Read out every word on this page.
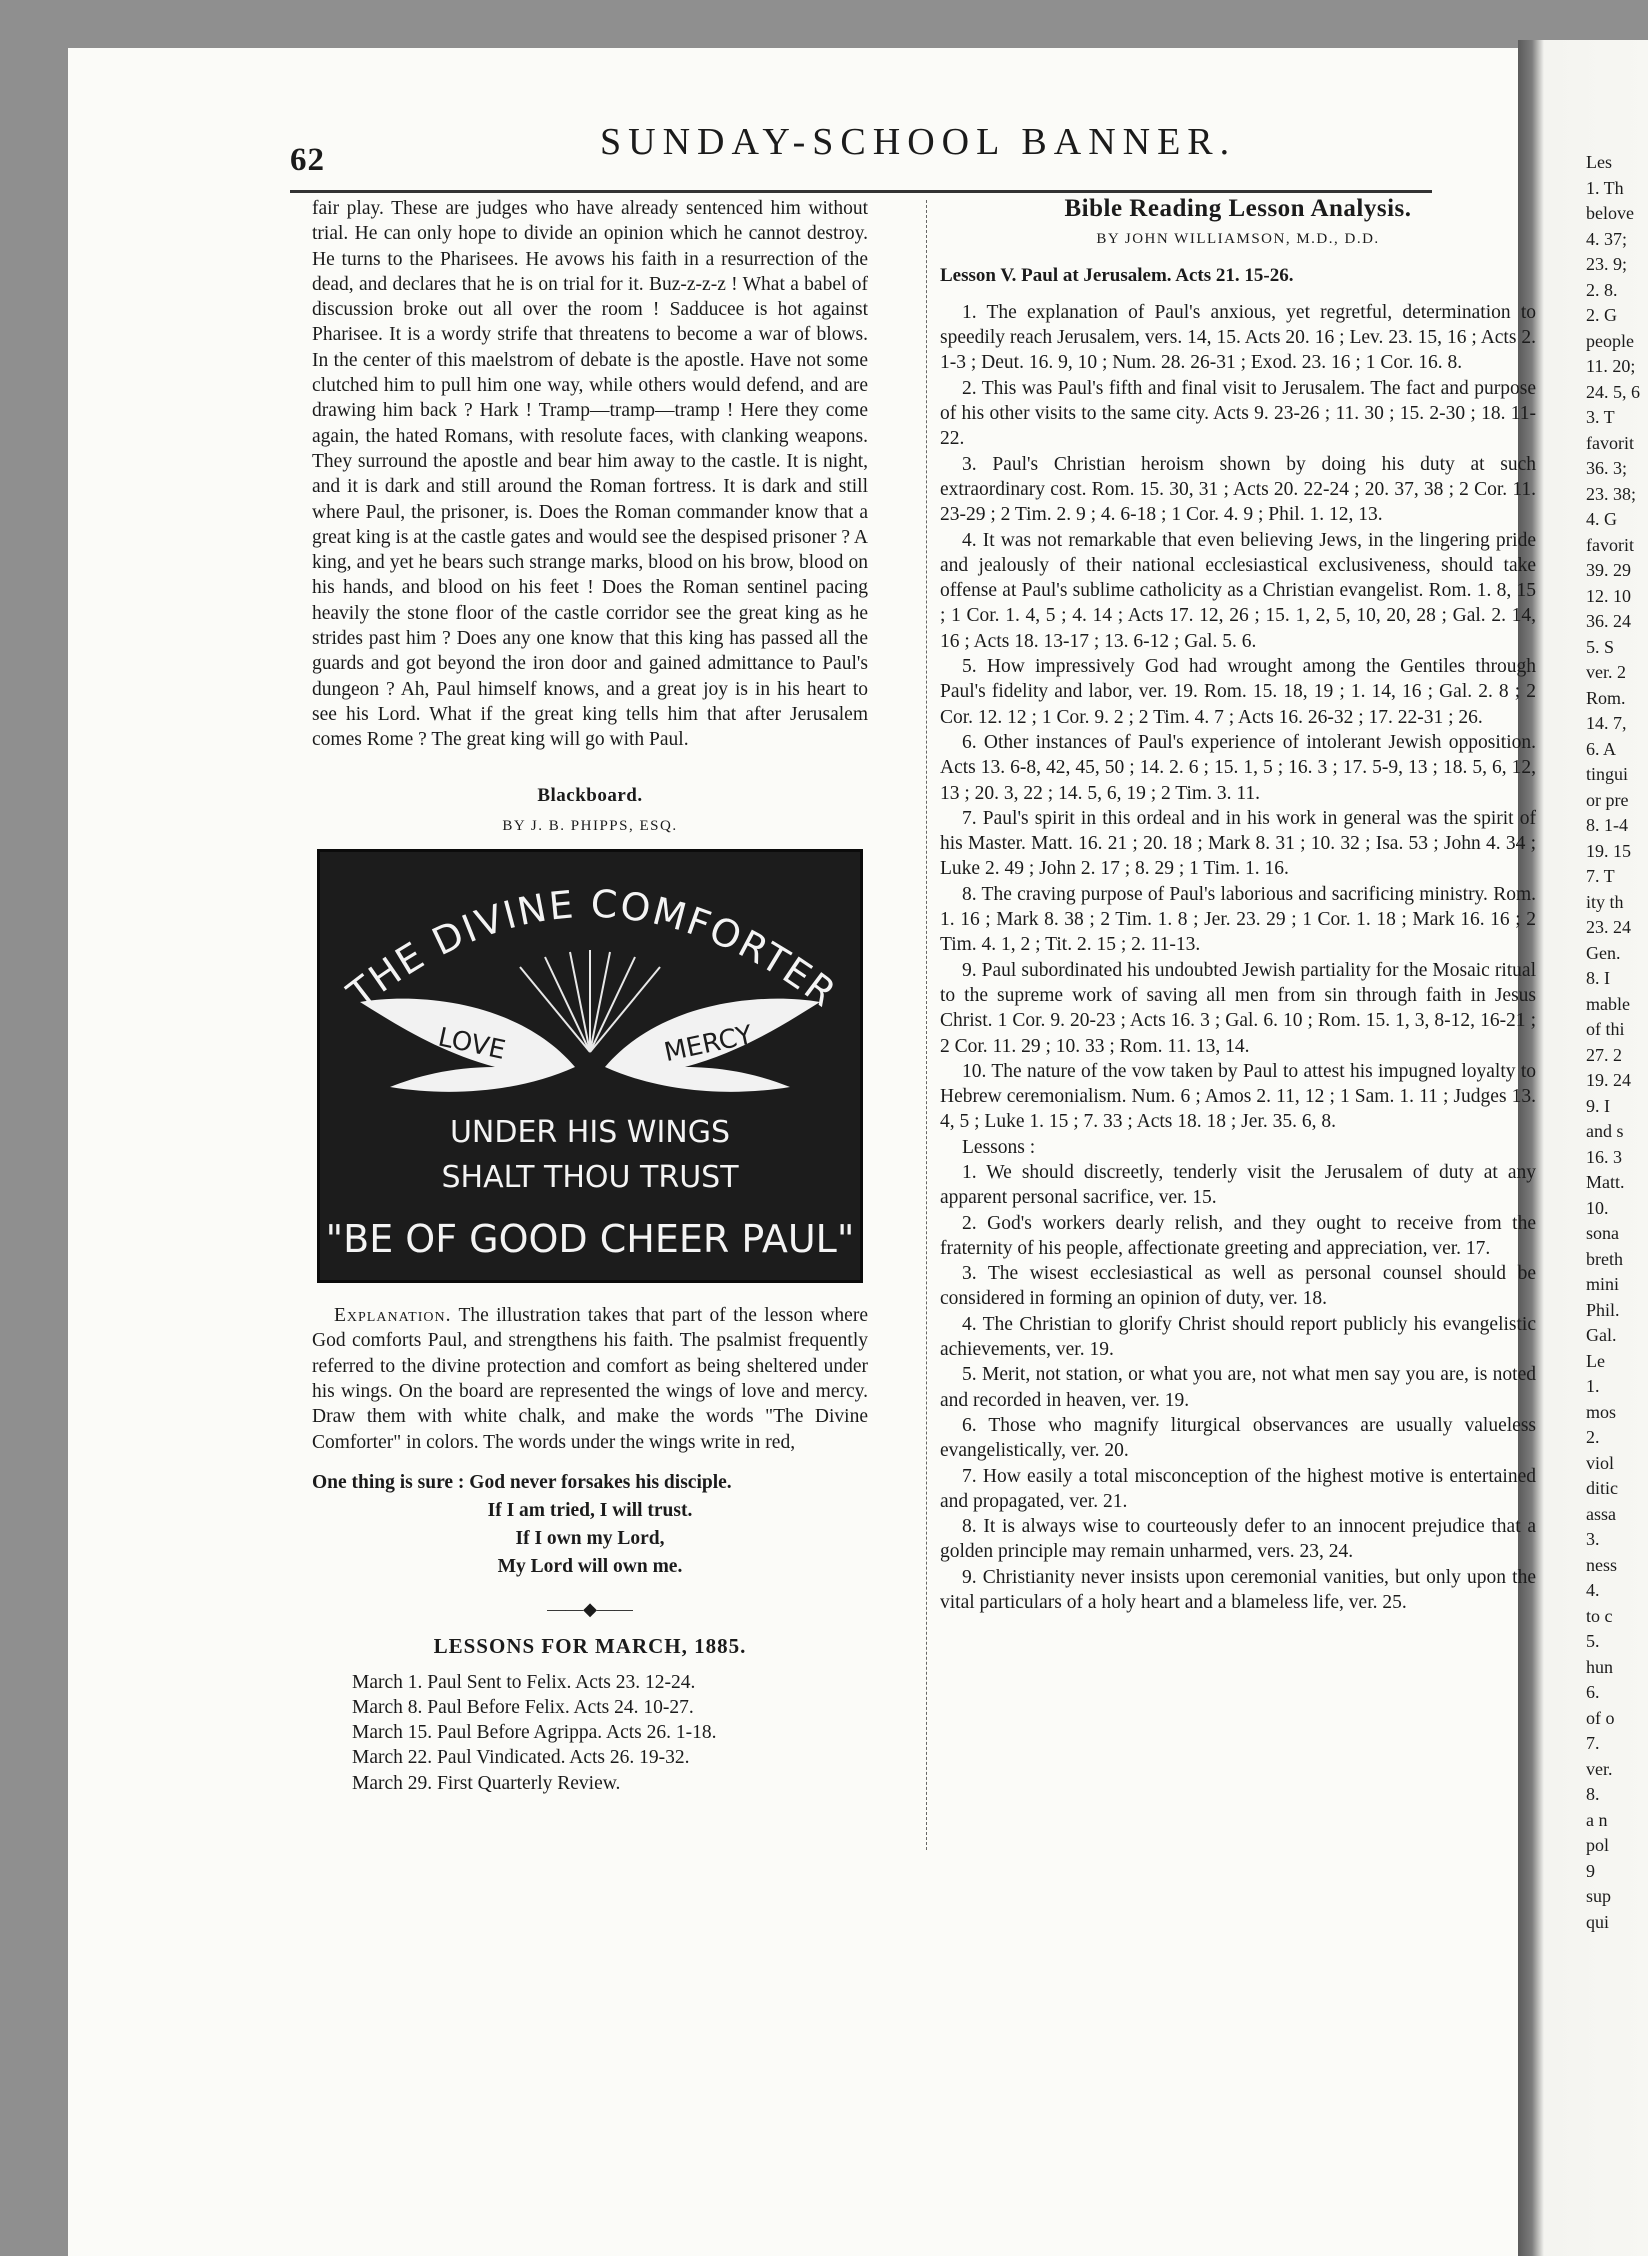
62	SUNDAY-SCHOOL BANNER.

fair play. These are judges who have already sentenced him without trial. He can only hope to divide an opinion which he cannot destroy. He turns to the Pharisees. He avows his faith in a resurrection of the dead, and declares that he is on trial for it. Buz-z-z-z ! What a babel of discussion broke out all over the room ! Sadducee is hot against Pharisee. It is a wordy strife that threatens to become a war of blows. In the center of this maelstrom of debate is the apostle. Have not some clutched him to pull him one way, while others would defend, and are drawing him back ? Hark ! Tramp—tramp—tramp ! Here they come again, the hated Romans, with resolute faces, with clanking weapons. They surround the apostle and bear him away to the castle. It is night, and it is dark and still around the Roman fortress. It is dark and still where Paul, the prisoner, is. Does the Roman commander know that a great king is at the castle gates and would see the despised prisoner ? A king, and yet he bears such strange marks, blood on his brow, blood on his hands, and blood on his feet ! Does the Roman sentinel pacing heavily the stone floor of the castle corridor see the great king as he strides past him ? Does any one know that this king has passed all the guards and got beyond the iron door and gained admittance to Paul's dungeon ? Ah, Paul himself knows, and a great joy is in his heart to see his Lord. What if the great king tells him that after Jerusalem comes Rome ? The great king will go with Paul.

Blackboard.
BY J. B. PHIPPS, ESQ.
THE DIVINE COMFORTER
LOVE	MERCY
UNDER HIS WINGS
SHALT THOU TRUST
"BE OF GOOD CHEER PAUL"

Explanation. The illustration takes that part of the lesson where God comforts Paul, and strengthens his faith. The psalmist frequently referred to the divine protection and comfort as being sheltered under his wings. On the board are represented the wings of love and mercy. Draw them with white chalk, and make the words "The Divine Comforter" in colors. The words under the wings write in red,

One thing is sure : God never forsakes his disciple.
If I am tried, I will trust.
If I own my Lord,
My Lord will own me.
——◆——
LESSONS FOR MARCH, 1885.
March 1. Paul Sent to Felix. Acts 23. 12-24.
March 8. Paul Before Felix. Acts 24. 10-27.
March 15. Paul Before Agrippa. Acts 26. 1-18.
March 22. Paul Vindicated. Acts 26. 19-32.
March 29. First Quarterly Review.
Bible Reading Lesson Analysis.
BY JOHN WILLIAMSON, M.D., D.D.
Lesson V. Paul at Jerusalem. Acts 21. 15-26.

1. The explanation of Paul's anxious, yet regretful, determination to speedily reach Jerusalem, vers. 14, 15. Acts 20. 16 ; Lev. 23. 15, 16 ; Acts 2. 1-3 ; Deut. 16. 9, 10 ; Num. 28. 26-31 ; Exod. 23. 16 ; 1 Cor. 16. 8.

2. This was Paul's fifth and final visit to Jerusalem. The fact and purpose of his other visits to the same city. Acts 9. 23-26 ; 11. 30 ; 15. 2-30 ; 18. 11-22.

3. Paul's Christian heroism shown by doing his duty at such extraordinary cost. Rom. 15. 30, 31 ; Acts 20. 22-24 ; 20. 37, 38 ; 2 Cor. 11. 23-29 ; 2 Tim. 2. 9 ; 4. 6-18 ; 1 Cor. 4. 9 ; Phil. 1. 12, 13.

4. It was not remarkable that even believing Jews, in the lingering pride and jealously of their national ecclesiastical exclusiveness, should take offense at Paul's sublime catholicity as a Christian evangelist. Rom. 1. 8, 15 ; 1 Cor. 1. 4, 5 ; 4. 14 ; Acts 17. 12, 26 ; 15. 1, 2, 5, 10, 20, 28 ; Gal. 2. 14, 16 ; Acts 18. 13-17 ; 13. 6-12 ; Gal. 5. 6.

5. How impressively God had wrought among the Gentiles through Paul's fidelity and labor, ver. 19. Rom. 15. 18, 19 ; 1. 14, 16 ; Gal. 2. 8 ; 2 Cor. 12. 12 ; 1 Cor. 9. 2 ; 2 Tim. 4. 7 ; Acts 16. 26-32 ; 17. 22-31 ; 26.

6. Other instances of Paul's experience of intolerant Jewish opposition. Acts 13. 6-8, 42, 45, 50 ; 14. 2. 6 ; 15. 1, 5 ; 16. 3 ; 17. 5-9, 13 ; 18. 5, 6, 12, 13 ; 20. 3, 22 ; 14. 5, 6, 19 ; 2 Tim. 3. 11.

7. Paul's spirit in this ordeal and in his work in general was the spirit of his Master. Matt. 16. 21 ; 20. 18 ; Mark 8. 31 ; 10. 32 ; Isa. 53 ; John 4. 34 ; Luke 2. 49 ; John 2. 17 ; 8. 29 ; 1 Tim. 1. 16.

8. The craving purpose of Paul's laborious and sacrificing ministry. Rom. 1. 16 ; Mark 8. 38 ; 2 Tim. 1. 8 ; Jer. 23. 29 ; 1 Cor. 1. 18 ; Mark 16. 16 ; 2 Tim. 4. 1, 2 ; Tit. 2. 15 ; 2. 11-13.

9. Paul subordinated his undoubted Jewish partiality for the Mosaic ritual to the supreme work of saving all men from sin through faith in Jesus Christ. 1 Cor. 9. 20-23 ; Acts 16. 3 ; Gal. 6. 10 ; Rom. 15. 1, 3, 8-12, 16-21 ; 2 Cor. 11. 29 ; 10. 33 ; Rom. 11. 13, 14.

10. The nature of the vow taken by Paul to attest his impugned loyalty to Hebrew ceremonialism. Num. 6 ; Amos 2. 11, 12 ; 1 Sam. 1. 11 ; Judges 13. 4, 5 ; Luke 1. 15 ; 7. 33 ; Acts 18. 18 ; Jer. 35. 6, 8.

Lessons :

1. We should discreetly, tenderly visit the Jerusalem of duty at any apparent personal sacrifice, ver. 15.

2. God's workers dearly relish, and they ought to receive from the fraternity of his people, affectionate greeting and appreciation, ver. 17.

3. The wisest ecclesiastical as well as personal counsel should be considered in forming an opinion of duty, ver. 18.

4. The Christian to glorify Christ should report publicly his evangelistic achievements, ver. 19.

5. Merit, not station, or what you are, not what men say you are, is noted and recorded in heaven, ver. 19.

6. Those who magnify liturgical observances are usually valueless evangelistically, ver. 20.

7. How easily a total misconception of the highest motive is entertained and propagated, ver. 21.

8. It is always wise to courteously defer to an innocent prejudice that a golden principle may remain unharmed, vers. 23, 24.

9. Christianity never insists upon ceremonial vanities, but only upon the vital particulars of a holy heart and a blameless life, ver. 25.

Les
1. Th
belove
4. 37;
23. 9;
2. 8.
2. G
people
11. 20;
24. 5, 6
3. T
favorit
36. 3;
23. 38;
4. G
favorit
39. 29
12. 10
36. 24
5. S
ver. 2
Rom.
14. 7,
6. A
tingui
or pre
8. 1-4
19. 15
7. T
ity th
23. 24
Gen.
8. I
mable
of thi
27. 2
19. 24
9. I
and s
16. 3
Matt.
10.
sona
breth
mini
Phil.
Gal.
Le
1.
mos
2.
viol
ditic
assa
3.
ness
4.
to c
5.
hun
6.
of o
7.
ver.
8.
a n
pol
9
sup
qui
